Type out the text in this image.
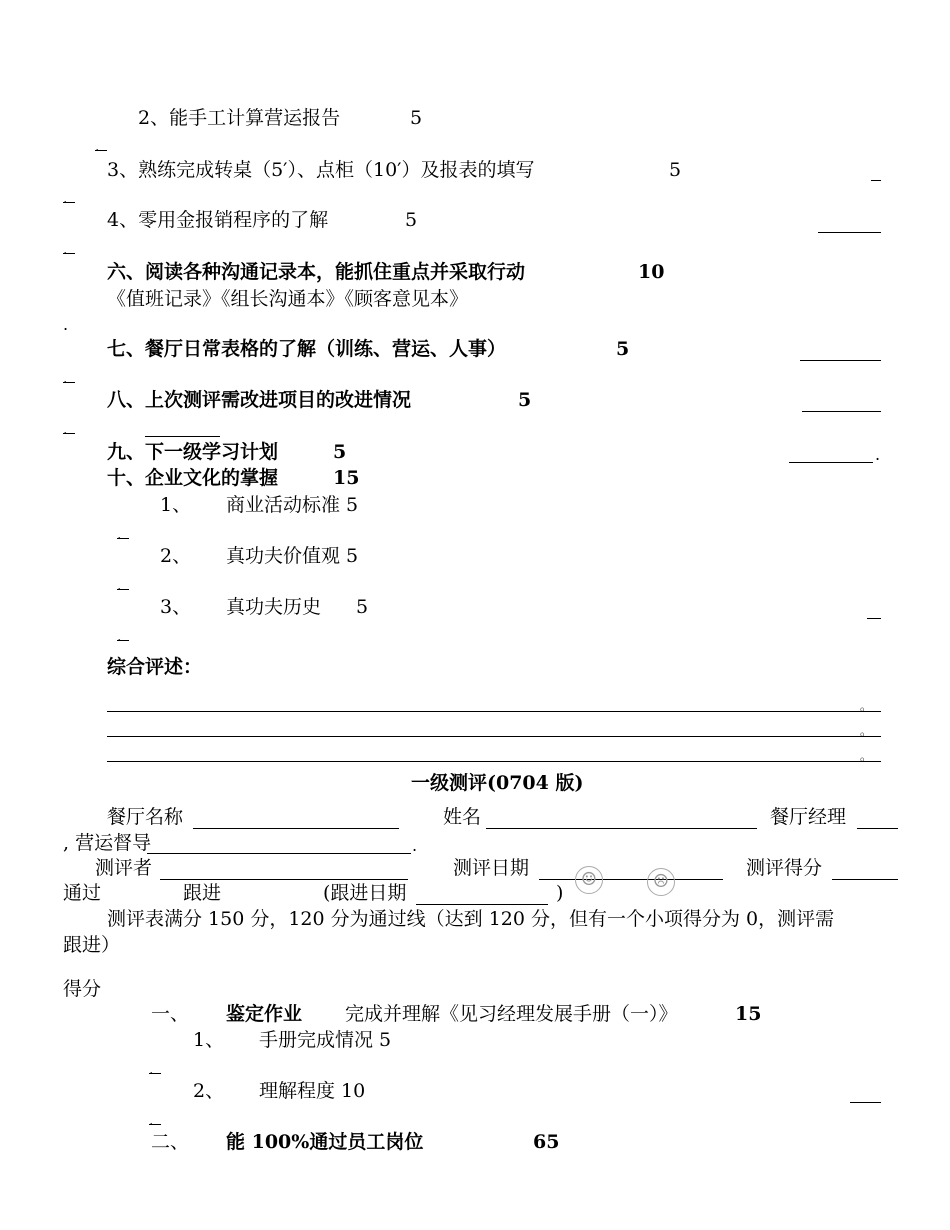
2、能手工计算营运报告	5
.
3、熟练完成转桌（5′）、点柜（10′）及报表的填写	5
.
4、零用金报销程序的了解	5
.
六、阅读各种沟通记录本，能抓住重点并采取行动	10
《值班记录》《组长沟通本》《顾客意见本》
.
七、餐厅日常表格的了解（训练、营运、人事）	5
.
八、上次测评需改进项目的改进情况	5
.
九、下一级学习计划	5	.
十、企业文化的掌握	15
1、 商业活动标准 5
.
2、 真功夫价值观 5
.
3、 真功夫历史 5
.
综合评述：
。
。
。
一级测评(0704 版)
餐厅名称	姓名	餐厅经理
, 营运督导	.
测评者	测评日期
☺	☹
测评得分
通过	跟进	(跟进日期	)
测评表满分 150 分，120 分为通过线（达到 120 分，但有一个小项得分为 0，测评需
跟进）
得分
一、 鉴定作业 完成并理解《见习经理发展手册（一）》	15
1、 手册完成情况 5
.
2、 理解程度 10
.
二、 能 100%通过员工岗位	65
